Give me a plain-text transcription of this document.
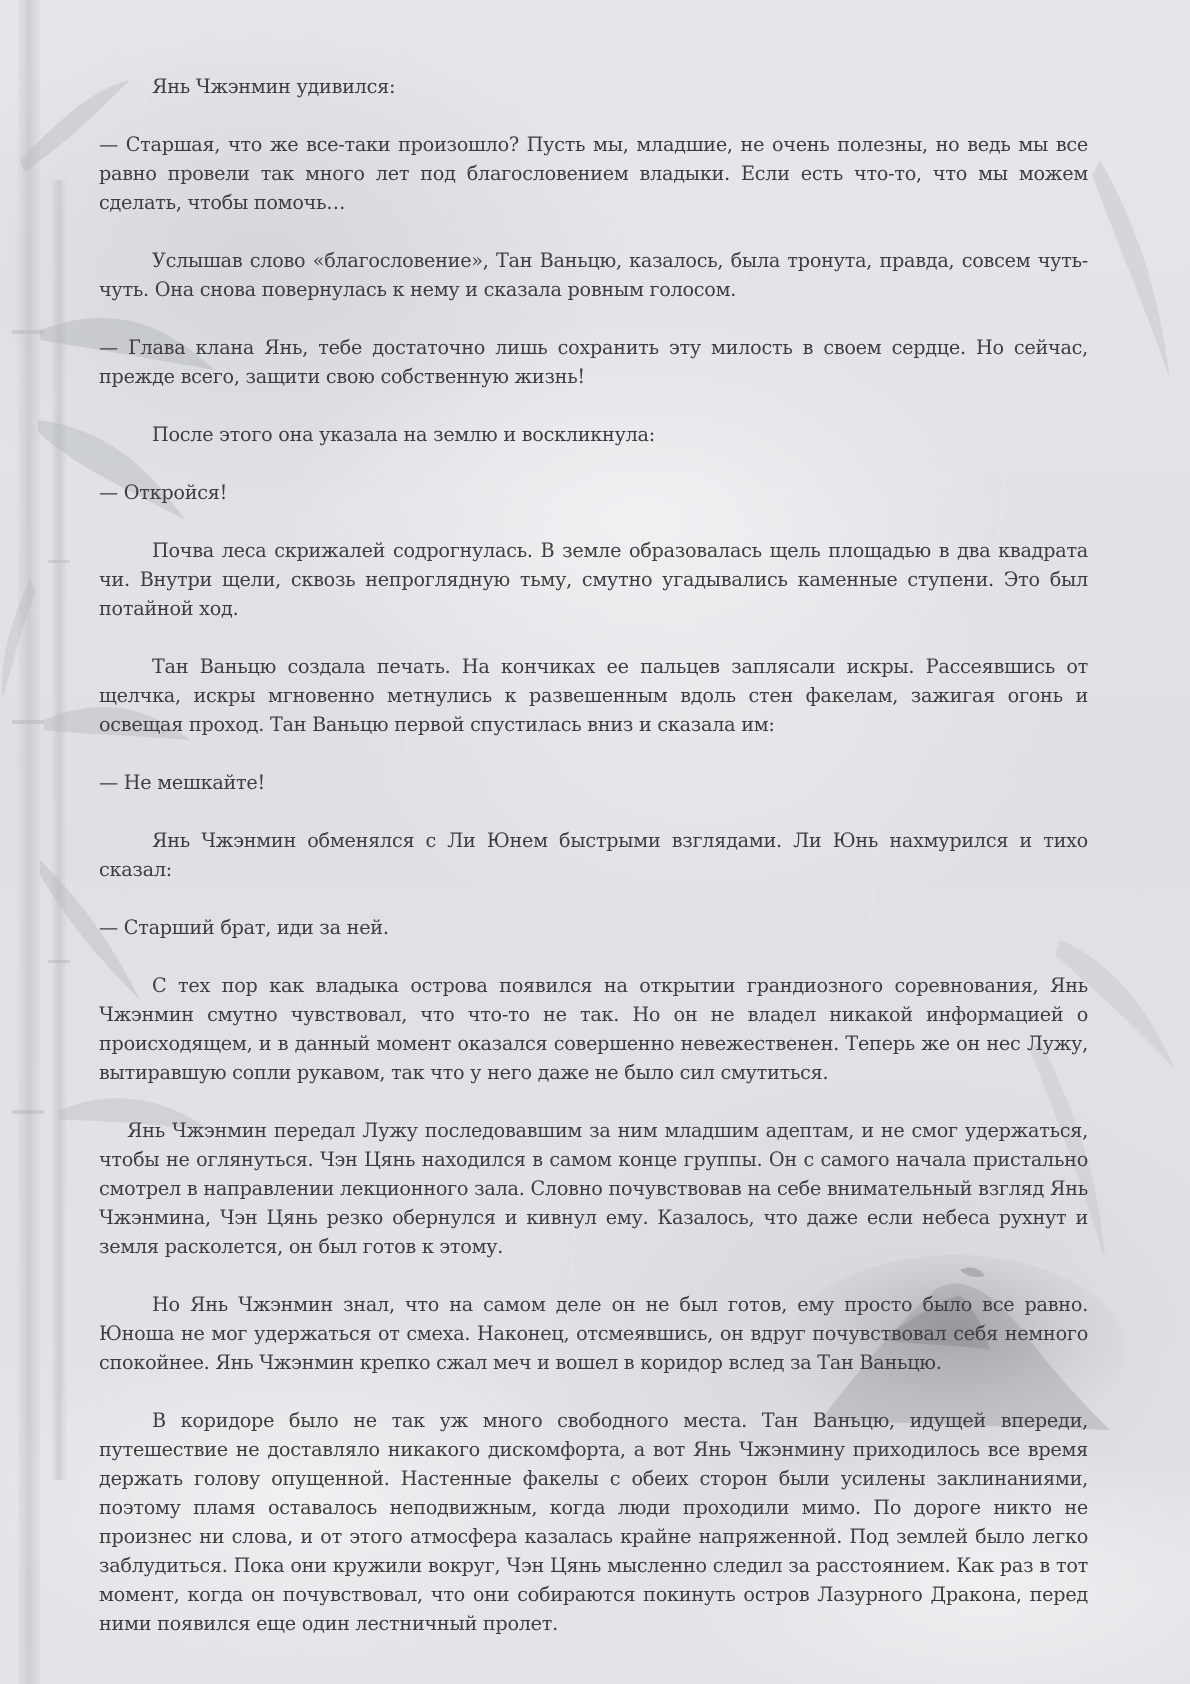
Янь Чжэнмин удивился:

— Старшая, что же все-таки произошло? Пусть мы, младшие, не очень полезны, но ведь мы все равно провели так много лет под благословением владыки. Если есть что-то, что мы можем сделать, чтобы помочь…

Услышав слово «благословение», Тан Ваньцю, казалось, была тронута, правда, совсем чуть-чуть. Она снова повернулась к нему и сказала ровным голосом.

— Глава клана Янь, тебе достаточно лишь сохранить эту милость в своем сердце. Но сейчас, прежде всего, защити свою собственную жизнь!

После этого она указала на землю и воскликнула:

— Откройся!

Почва леса скрижалей содрогнулась. В земле образовалась щель площадью в два квадрата чи. Внутри щели, сквозь непроглядную тьму, смутно угадывались каменные ступени. Это был потайной ход.

Тан Ваньцю создала печать. На кончиках ее пальцев заплясали искры. Рассеявшись от щелчка, искры мгновенно метнулись к развешенным вдоль стен факелам, зажигая огонь и освещая проход. Тан Ваньцю первой спустилась вниз и сказала им:

— Не мешкайте!

Янь Чжэнмин обменялся с Ли Юнем быстрыми взглядами. Ли Юнь нахмурился и тихо сказал:

— Старший брат, иди за ней.

С тех пор как владыка острова появился на открытии грандиозного соревнования, Янь Чжэнмин смутно чувствовал, что что-то не так. Но он не владел никакой информацией о происходящем, и в данный момент оказался совершенно невежественен. Теперь же он нес Лужу, вытиравшую сопли рукавом, так что у него даже не было сил смутиться.

Янь Чжэнмин передал Лужу последовавшим за ним младшим адептам, и не смог удержаться, чтобы не оглянуться. Чэн Цянь находился в самом конце группы. Он с самого начала пристально смотрел в направлении лекционного зала. Словно почувствовав на себе внимательный взгляд Янь Чжэнмина, Чэн Цянь резко обернулся и кивнул ему. Казалось, что даже если небеса рухнут и земля расколется, он был готов к этому.

Но Янь Чжэнмин знал, что на самом деле он не был готов, ему просто было все равно. Юноша не мог удержаться от смеха. Наконец, отсмеявшись, он вдруг почувствовал себя немного спокойнее. Янь Чжэнмин крепко сжал меч и вошел в коридор вслед за Тан Ваньцю.

В коридоре было не так уж много свободного места. Тан Ваньцю, идущей впереди, путешествие не доставляло никакого дискомфорта, а вот Янь Чжэнмину приходилось все время держать голову опущенной. Настенные факелы с обеих сторон были усилены заклинаниями, поэтому пламя оставалось неподвижным, когда люди проходили мимо. По дороге никто не произнес ни слова, и от этого атмосфера казалась крайне напряженной. Под землей было легко заблудиться. Пока они кружили вокруг, Чэн Цянь мысленно следил за расстоянием. Как раз в тот момент, когда он почувствовал, что они собираются покинуть остров Лазурного Дракона, перед ними появился еще один лестничный пролет.
